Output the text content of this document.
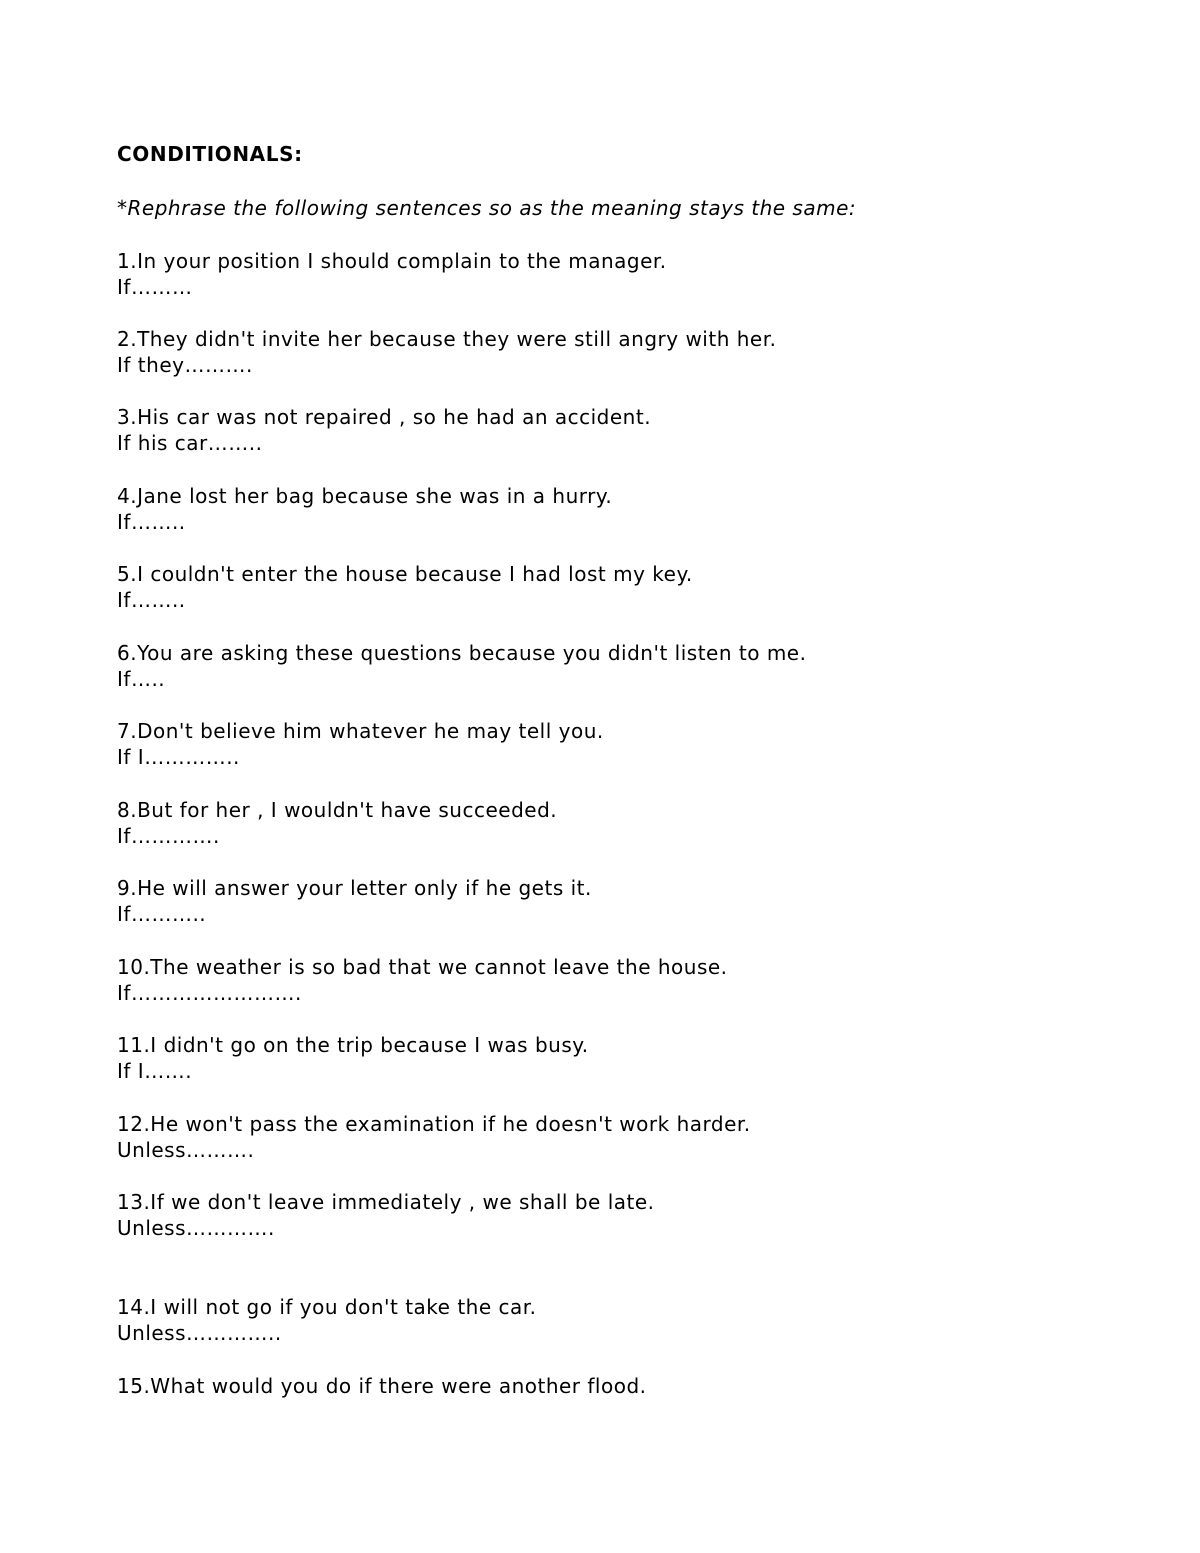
CONDITIONALS:
*Rephrase the following sentences so as the meaning stays the same:
1.In your position I should complain to the manager.
If………
2.They didn't invite her because they were still angry with her.
If they……….
3.His car was not repaired , so he had an accident.
If his car……..
4.Jane lost her bag because she was in a hurry.
If……..
5.I couldn't enter the house because I had lost my key.
If……..
6.You are asking these questions because you didn't listen to me.
If…..
7.Don't believe him whatever he may tell you.
If I…………..
8.But for her , I wouldn't have succeeded.
If………….
9.He will answer your letter only if he gets it.
If………..
10.The weather is so bad that we cannot leave the house.
If…………………….
11.I didn't go on the trip because I was busy.
If I…….
12.He won't pass the examination if he doesn't work harder.
Unless……….
13.If we don't leave immediately , we shall be late.
Unless………….
14.I will not go if you don't take the car.
Unless…………..
15.What would you do if there were another flood.
